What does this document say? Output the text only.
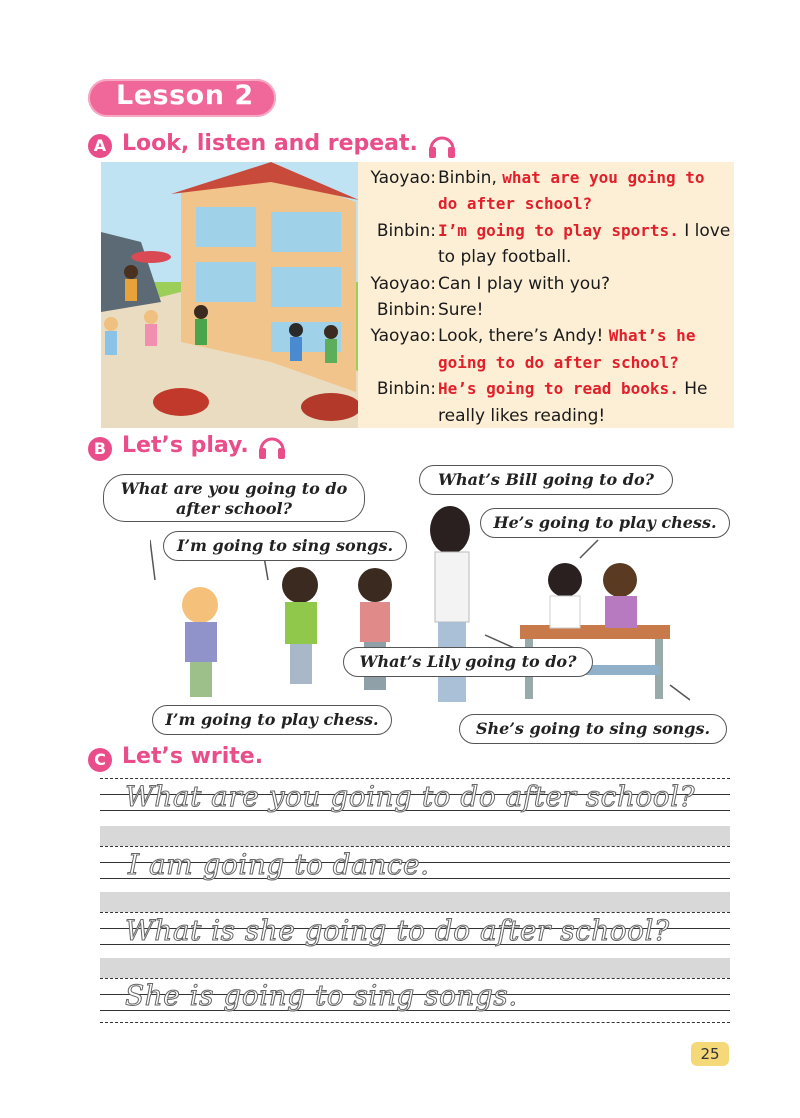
Lesson 2
A Look, listen and repeat.
Yaoyao: Binbin, what are you going to
do after school?
Binbin: I’m going to play sports. I love
to play football.
Yaoyao: Can I play with you?
Binbin: Sure!
Yaoyao: Look, there’s Andy! What’s he
going to do after school?
Binbin: He’s going to read books. He
really likes reading!
B Let’s play.
What are you going to do after school?
I’m going to sing songs.
What’s Bill going to do?
He’s going to play chess.
What’s Lily going to do?
I’m going to play chess.	She’s going to sing songs.
C Let’s write.
What are you going to do after school?
I am going to dance.
What is she going to do after school?
She is going to sing songs.
25
